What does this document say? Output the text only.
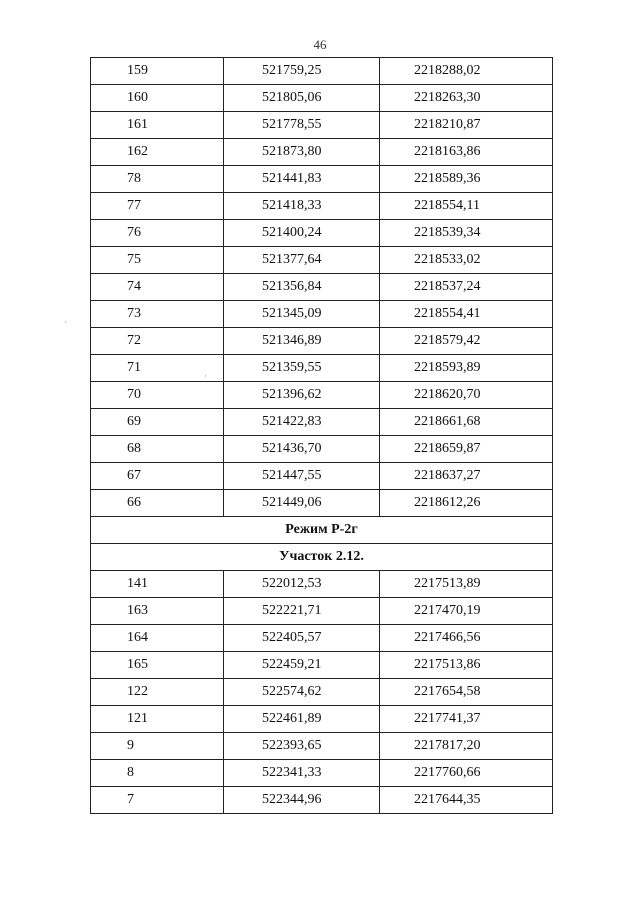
46
159	521759,25	2218288,02
160	521805,06	2218263,30
161	521778,55	2218210,87
162	521873,80	2218163,86
78	521441,83	2218589,36
77	521418,33	2218554,11
76	521400,24	2218539,34
75	521377,64	2218533,02
74	521356,84	2218537,24
73	521345,09	2218554,41
72	521346,89	2218579,42
71	521359,55	2218593,89
70	521396,62	2218620,70
69	521422,83	2218661,68
68	521436,70	2218659,87
67	521447,55	2218637,27
66	521449,06	2218612,26
Режим Р-2г		
Участок 2.12.		
141	522012,53	2217513,89
163	522221,71	2217470,19
164	522405,57	2217466,56
165	522459,21	2217513,86
122	522574,62	2217654,58
121	522461,89	2217741,37
9	522393,65	2217817,20
8	522341,33	2217760,66
7	522344,96	2217644,35
·
·
